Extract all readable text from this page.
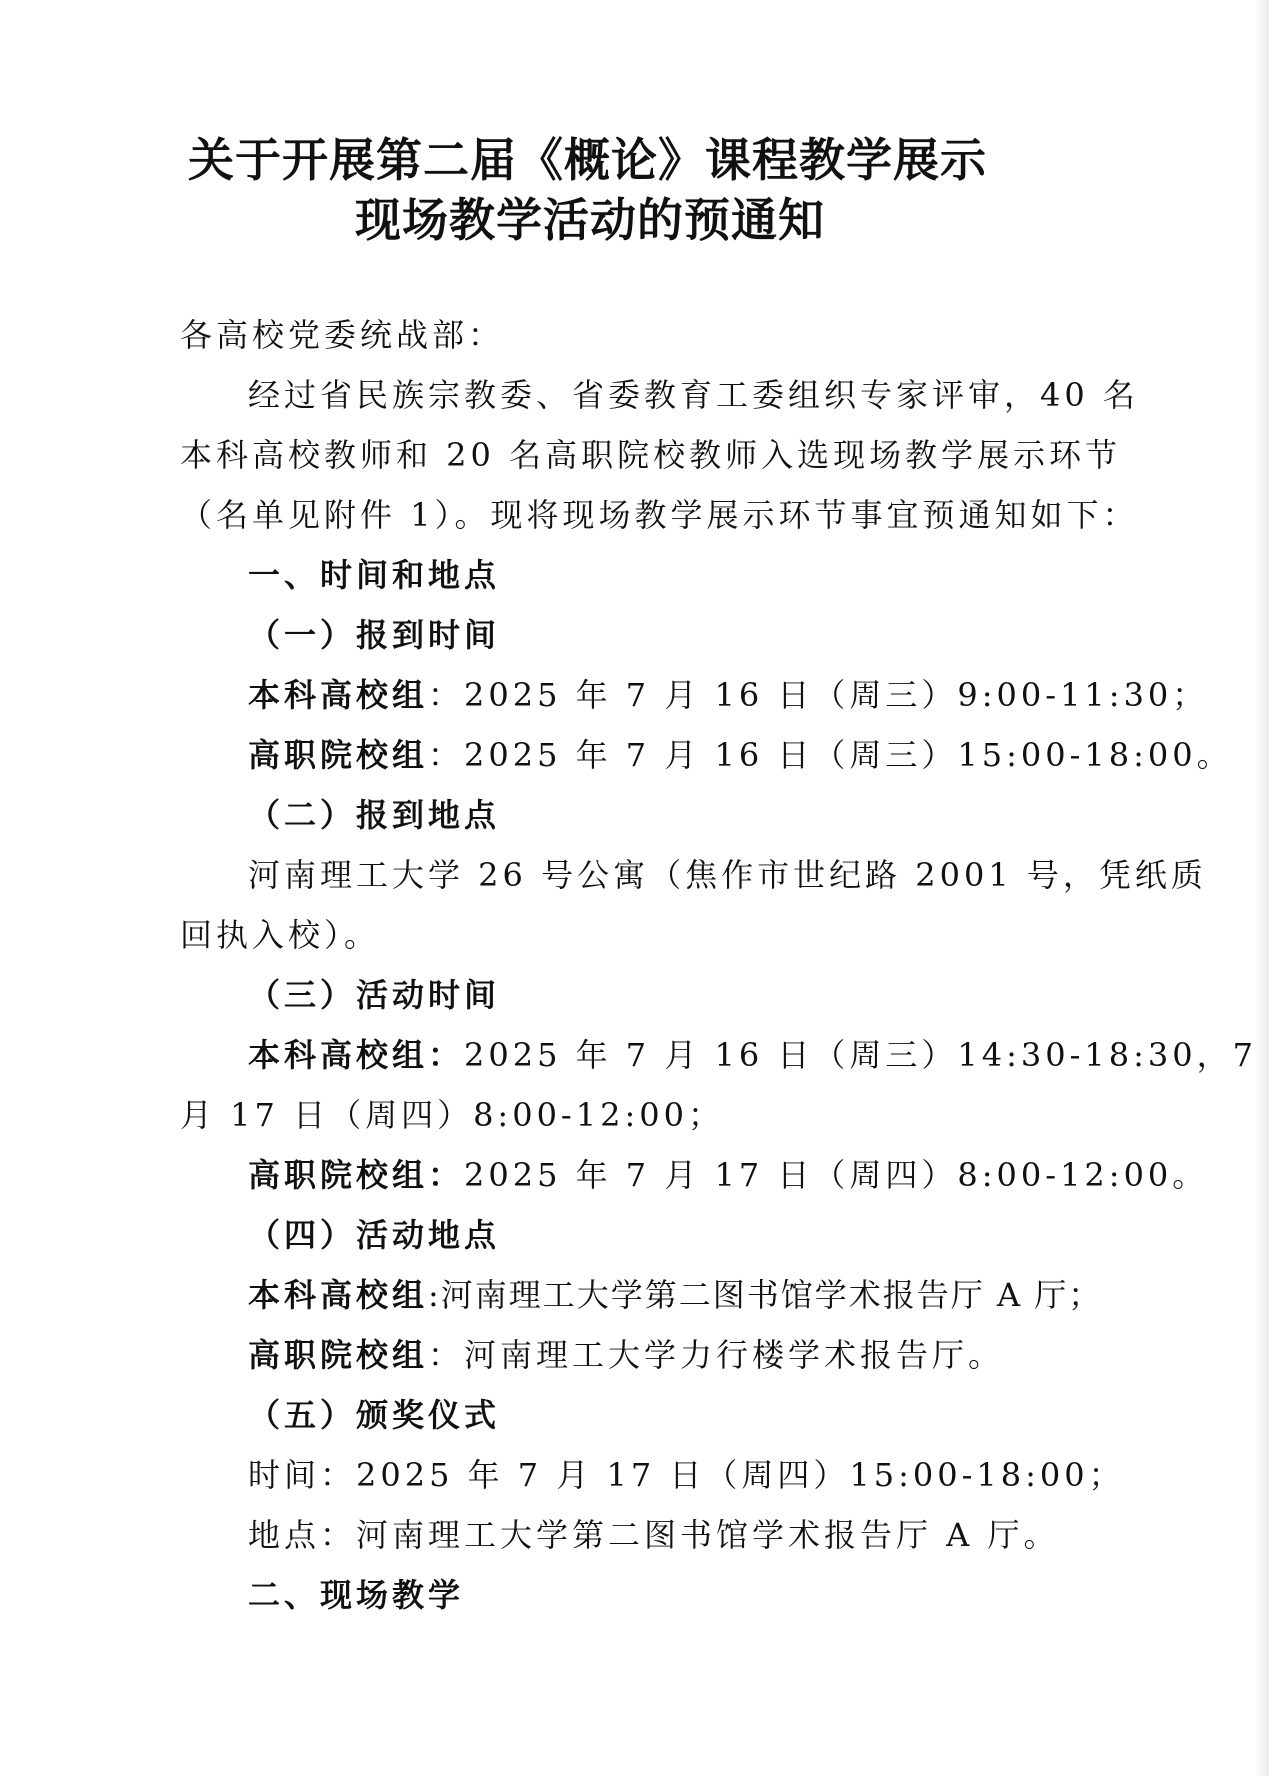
关于开展第二届《概论》课程教学展示
现场教学活动的预通知
各高校党委统战部：
经过省民族宗教委、省委教育工委组织专家评审，40 名
本科高校教师和 20 名高职院校教师入选现场教学展示环节
（名单见附件 1）。现将现场教学展示环节事宜预通知如下：
一、时间和地点
（一）报到时间
本科高校组：2025 年 7 月 16 日（周三）9:00-11:30；
高职院校组：2025 年 7 月 16 日（周三）15:00-18:00。
（二）报到地点
河南理工大学 26 号公寓（焦作市世纪路 2001 号，凭纸质
回执入校）。
（三）活动时间
本科高校组：2025 年 7 月 16 日（周三）14:30-18:30，7
月 17 日（周四）8:00-12:00；
高职院校组：2025 年 7 月 17 日（周四）8:00-12:00。
（四）活动地点
本科高校组:河南理工大学第二图书馆学术报告厅 A 厅；
高职院校组：河南理工大学力行楼学术报告厅。
（五）颁奖仪式
时间：2025 年 7 月 17 日（周四）15:00-18:00；
地点：河南理工大学第二图书馆学术报告厅 A 厅。
二、现场教学
